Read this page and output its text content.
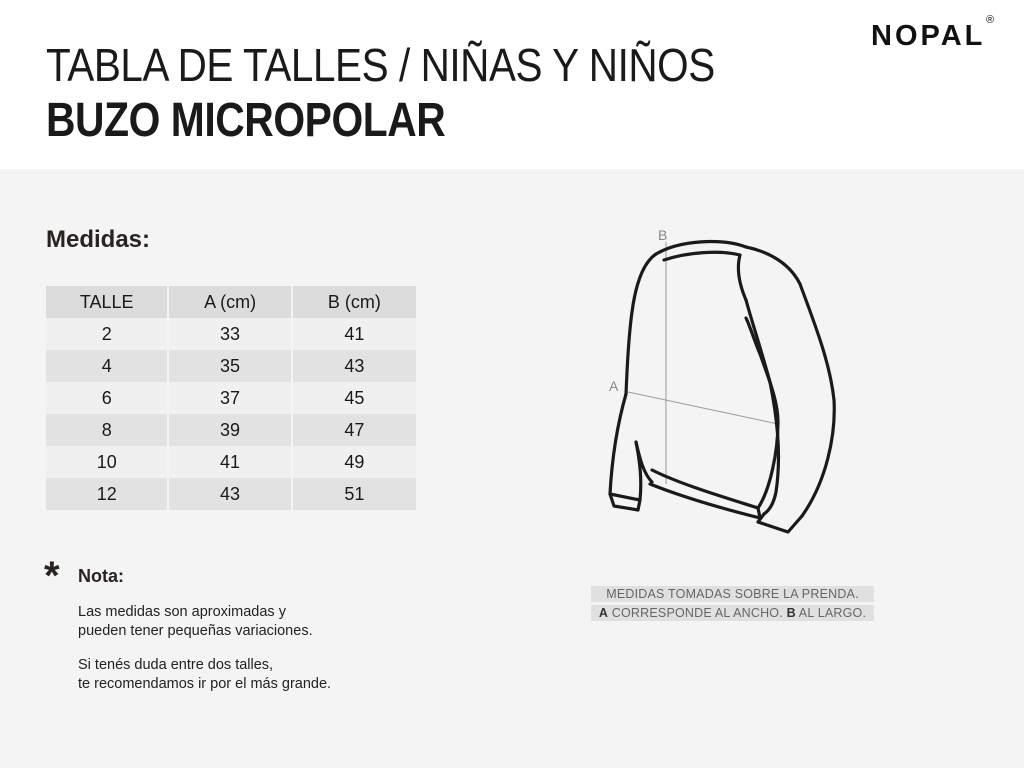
TABLA DE TALLES / NIÑAS Y NIÑOS
BUZO MICROPOLAR
NOPAL ®
Medidas:
TALLE	A (cm)	B (cm)
2	33	41
4	35	43
6	37	45
8	39	47
10	41	49
12	43	51
* Nota:
Las medidas son aproximadas y
pueden tener pequeñas variaciones.
Si tenés duda entre dos talles,
te recomendamos ir por el más grande.
B
A
MEDIDAS TOMADAS SOBRE LA PRENDA.
A CORRESPONDE AL ANCHO. B AL LARGO.
